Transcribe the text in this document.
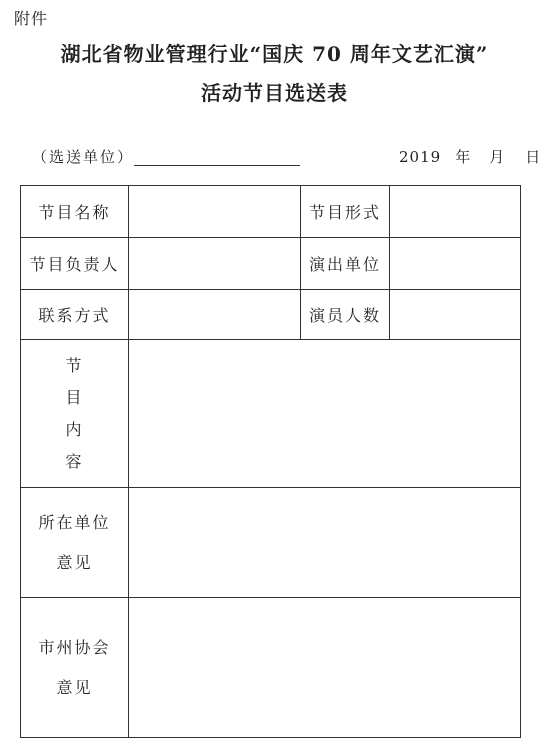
附件
湖北省物业管理行业“国庆 70 周年文艺汇演”
活动节目选送表
（选送单位）	2019 年 月 日
节目名称		节目形式	
节目负责人		演出单位	
联系方式		演员人数	

节
目
内
容			

所在单位
意见			

市州协会
意见			
